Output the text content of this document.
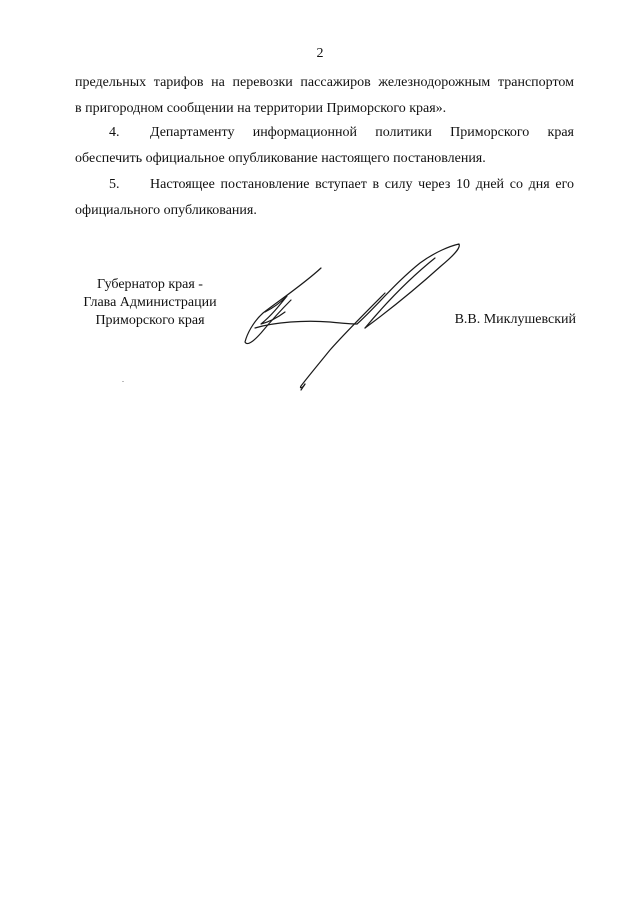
2
предельных тарифов на перевозки пассажиров железнодорожным транспортом
в пригородном сообщении на территории Приморского края».
4.	Департаменту информационной политики Приморского края
обеспечить официальное опубликование настоящего постановления.
5.	Настоящее постановление вступает в силу через 10 дней со дня его
официального опубликования.
Губернатор края -
Глава Администрации
Приморского края	В.В. Миклушевский
